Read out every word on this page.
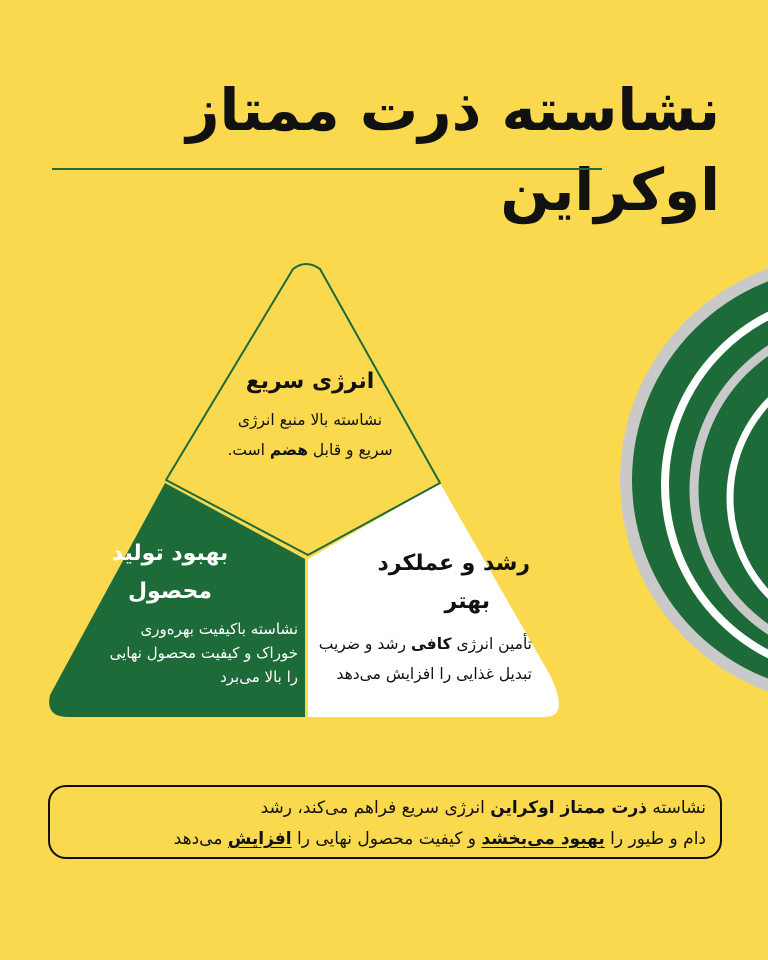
نشاسته ذرت ممتاز اوکراین
انرژی سریع
نشاسته بالا منبع انرژی
سریع و قابل هضم است.
رشد و عملکرد
بهتر
تأمین انرژی کافی رشد و ضریب
تبدیل غذایی را افزایش می‌دهد
بهبود تولید
محصول
نشاسته باکیفیت بهره‌وری
خوراک و کیفیت محصول نهایی
را بالا می‌برد
نشاسته ذرت ممتاز اوکراین انرژی سریع فراهم می‌کند، رشد
دام و طیور را بهبود می‌بخشد و کیفیت محصول نهایی را افزایش می‌دهد
